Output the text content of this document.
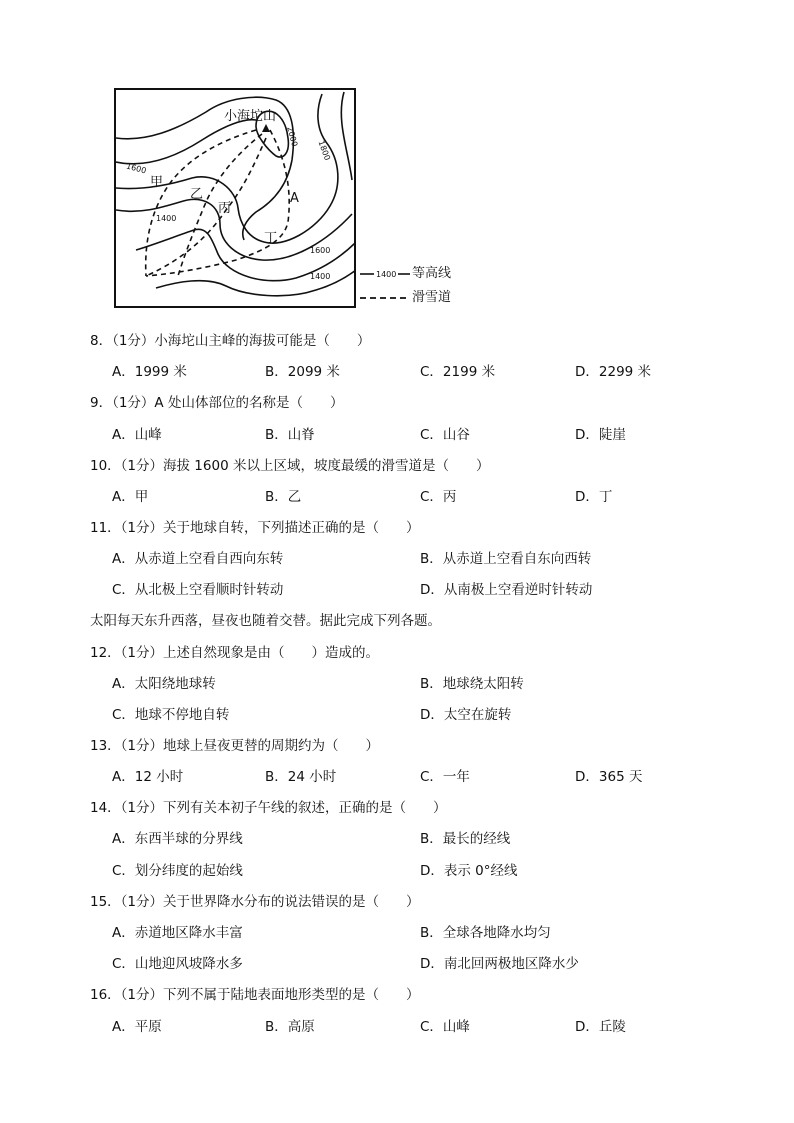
小海坨山
2000
1800
1600
1400
1600
1400
甲
乙
丙
丁
A
1400 等高线
滑雪道
8．（1分）小海坨山主峰的海拔可能是（　　）
A．1999 米	B．2099 米	C．2199 米	D．2299 米
9．（1分）A 处山体部位的名称是（　　）
A．山峰	B．山脊	C．山谷	D．陡崖
10．（1分）海拔 1600 米以上区域，坡度最缓的滑雪道是（　　）
A．甲	B．乙	C．丙	D．丁
11．（1分）关于地球自转，下列描述正确的是（　　）
A．从赤道上空看自西向东转	B．从赤道上空看自东向西转
C．从北极上空看顺时针转动	D．从南极上空看逆时针转动
太阳每天东升西落，昼夜也随着交替。据此完成下列各题。
12．（1分）上述自然现象是由（　　）造成的。
A．太阳绕地球转	B．地球绕太阳转
C．地球不停地自转	D．太空在旋转
13．（1分）地球上昼夜更替的周期约为（　　）
A．12 小时	B．24 小时	C．一年	D．365 天
14．（1分）下列有关本初子午线的叙述，正确的是（　　）
A．东西半球的分界线	B．最长的经线
C．划分纬度的起始线	D．表示 0°经线
15．（1分）关于世界降水分布的说法错误的是（　　）
A．赤道地区降水丰富	B．全球各地降水均匀
C．山地迎风坡降水多	D．南北回两极地区降水少
16．（1分）下列不属于陆地表面地形类型的是（　　）
A．平原	B．高原	C．山峰	D．丘陵
